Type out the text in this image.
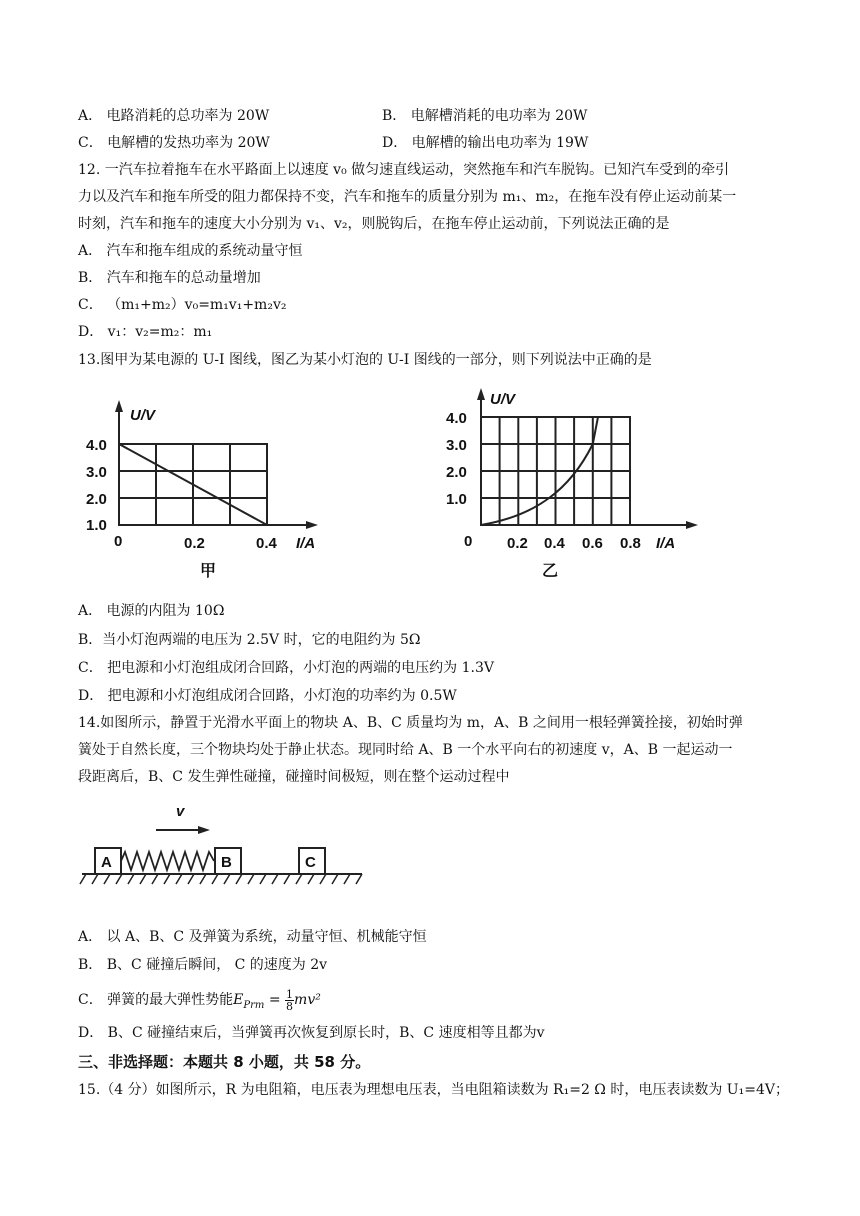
A． 电路消耗的总功率为 20W	B． 电解槽消耗的电功率为 20W
C． 电解槽的发热功率为 20W	D． 电解槽的输出电功率为 19W
12. 一汽车拉着拖车在水平路面上以速度 v₀ 做匀速直线运动，突然拖车和汽车脱钩。已知汽车受到的牵引
力以及汽车和拖车所受的阻力都保持不变，汽车和拖车的质量分别为 m₁、m₂，在拖车没有停止运动前某一
时刻，汽车和拖车的速度大小分别为 v₁、v₂，则脱钩后，在拖车停止运动前，下列说法正确的是
A． 汽车和拖车组成的系统动量守恒
B． 汽车和拖车的总动量增加
C． （m₁+m₂）v₀=m₁v₁+m₂v₂
D． v₁：v₂=m₂：m₁
13.图甲为某电源的 U-I 图线，图乙为某小灯泡的 U-I 图线的一部分，则下列说法中正确的是
U/V
4.0
3.0
2.0
1.0
0	0.2	0.4 I/A
甲
U/V
4.0
3.0
2.0
1.0
0 0.2 0.4 0.6 0.8 I/A
乙
A． 电源的内阻为 10Ω
B．当小灯泡两端的电压为 2.5V 时，它的电阻约为 5Ω
C． 把电源和小灯泡组成闭合回路，小灯泡的两端的电压约为 1.3V
D． 把电源和小灯泡组成闭合回路，小灯泡的功率约为 0.5W
14.如图所示，静置于光滑水平面上的物块 A、B、C 质量均为 m，A、B 之间用一根轻弹簧拴接，初始时弹
簧处于自然长度，三个物块均处于静止状态。现同时给 A、B 一个水平向右的初速度 v，A、B 一起运动一
段距离后，B、C 发生弹性碰撞，碰撞时间极短，则在整个运动过程中
v
A	B	C
A． 以 A、B、C 及弹簧为系统，动量守恒、机械能守恒
B． B、C 碰撞后瞬间， C 的速度为 2v
C． 弹簧的最大弹性势能$E_{Prm} = \frac{1}{8} mv^2$
D． B、C 碰撞结束后，当弹簧再次恢复到原长时，B、C 速度相等且都为v
三、非选择题：本题共 8 小题，共 58 分。
15.（4 分）如图所示，R 为电阻箱，电压表为理想电压表，当电阻箱读数为 R₁=2 Ω 时，电压表读数为 U₁=4V；
